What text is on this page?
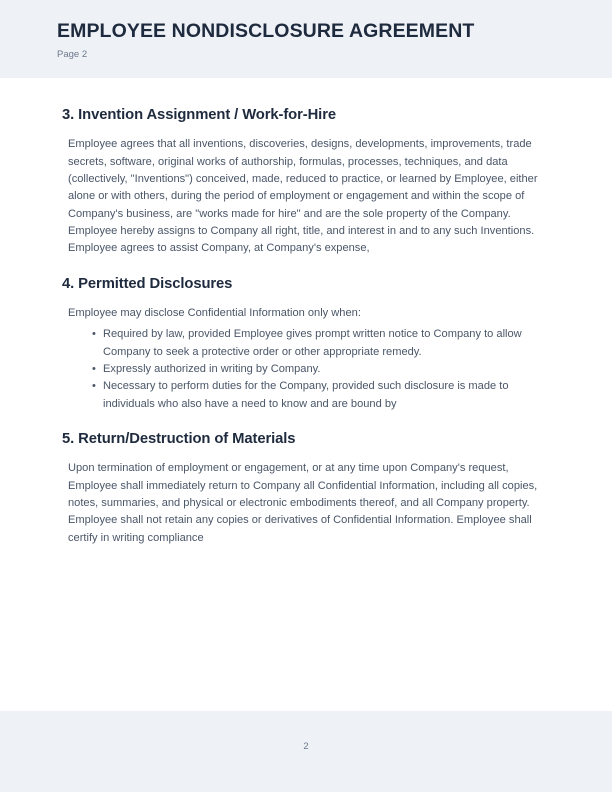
EMPLOYEE NONDISCLOSURE AGREEMENT
Page 2
3. Invention Assignment / Work-for-Hire

Employee agrees that all inventions, discoveries, designs, developments, improvements, trade secrets, software, original works of authorship, formulas, processes, techniques, and data (collectively, "Inventions") conceived, made, reduced to practice, or learned by Employee, either alone or with others, during the period of employment or engagement and within the scope of Company's business, are "works made for hire" and are the sole property of the Company.

Employee hereby assigns to Company all right, title, and interest in and to any such Inventions. Employee agrees to assist Company, at Company's expense,

4. Permitted Disclosures

Employee may disclose Confidential Information only when:

• Required by law, provided Employee gives prompt written notice to Company to allow Company to seek a protective order or other appropriate remedy.
• Expressly authorized in writing by Company.
• Necessary to perform duties for the Company, provided such disclosure is made to individuals who also have a need to know and are bound by
5. Return/Destruction of Materials

Upon termination of employment or engagement, or at any time upon Company's request, Employee shall immediately return to Company all Confidential Information, including all copies, notes, summaries, and physical or electronic embodiments thereof, and all Company property. Employee shall not retain any copies or derivatives of Confidential Information. Employee shall certify in writing compliance

2
